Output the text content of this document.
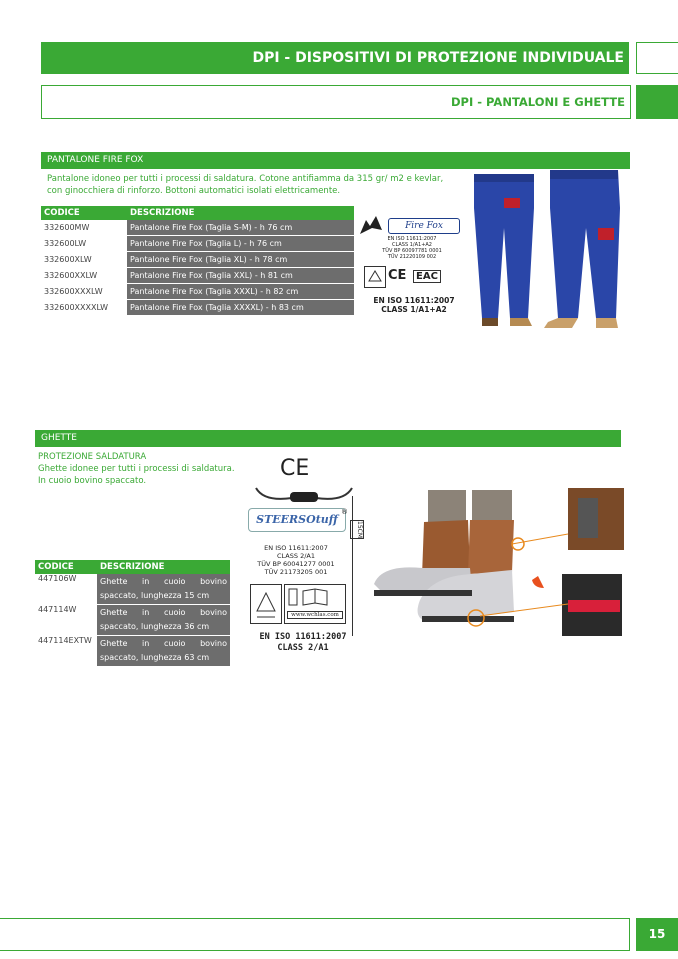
DPI - DISPOSITIVI DI PROTEZIONE INDIVIDUALE
DPI - PANTALONI E GHETTE
PANTALONE FIRE FOX
Pantalone idoneo per tutti i processi di saldatura. Cotone antifiamma da 315 gr/ m2 e kevlar, con ginocchiera di rinforzo. Bottoni automatici isolati elettricamente.
CODICE	DESCRIZIONE
332600MW	Pantalone Fire Fox (Taglia S-M) - h 76 cm
332600LW	Pantalone Fire Fox (Taglia L) - h 76 cm
332600XLW	Pantalone Fire Fox (Taglia XL) - h 78 cm
332600XXLW	Pantalone Fire Fox (Taglia XXL) - h 81 cm
332600XXXLW	Pantalone Fire Fox (Taglia XXXL) - h 82 cm
332600XXXXLW	Pantalone Fire Fox (Taglia XXXXL) - h 83 cm
Fire Fox
EN ISO 11611:2007
CLASS 1/A1+A2
TÜV BP 60097781 0001
TÜV 21220109 002
CE EAC
EN ISO 11611:2007
CLASS 1/A1+A2
GHETTE
PROTEZIONE SALDATURA
Ghette idonee per tutti i processi di saldatura.
In cuoio bovino spaccato.
CODICE	DESCRIZIONE
447106W	Ghette in cuoio bovino
spaccato, lunghezza 15 cm

447114W	Ghette in cuoio bovino
spaccato, lunghezza 36 cm

447114EXTW	Ghette in cuoio bovino
spaccato, lunghezza 63 cm
CE
STEERSOtuff
®
15CM
EN ISO 11611:2007
CLASS 2/A1
TÜV BP 60041277 0001
TÜV 21173205 001
www.wchlas.com
EN ISO 11611:2007
CLASS 2/A1
15
